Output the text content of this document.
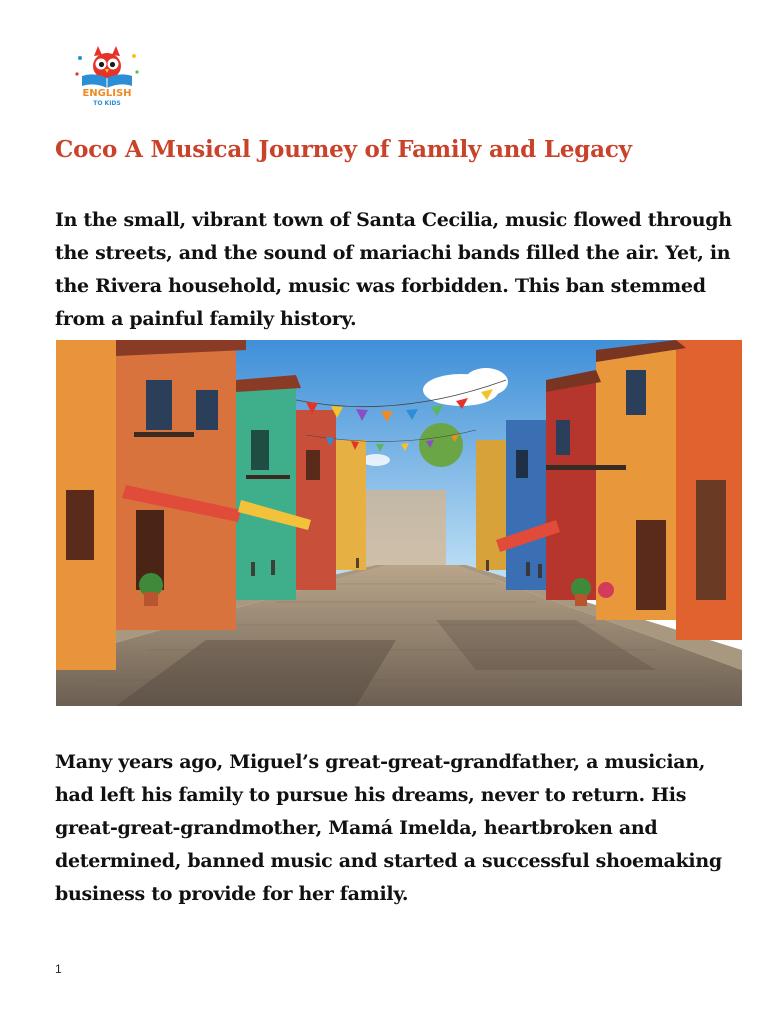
ENGLISH
TO KIDS
Coco A Musical Journey of Family and Legacy

In the small, vibrant town of Santa Cecilia, music flowed through the streets, and the sound of mariachi bands filled the air. Yet, in the Rivera household, music was forbidden. This ban stemmed from a painful family history.

Many years ago, Miguel’s great-great-grandfather, a musician, had left his family to pursue his dreams, never to return. His great-great-grandmother, Mamá Imelda, heartbroken and determined, banned music and started a successful shoemaking business to provide for her family.

1
